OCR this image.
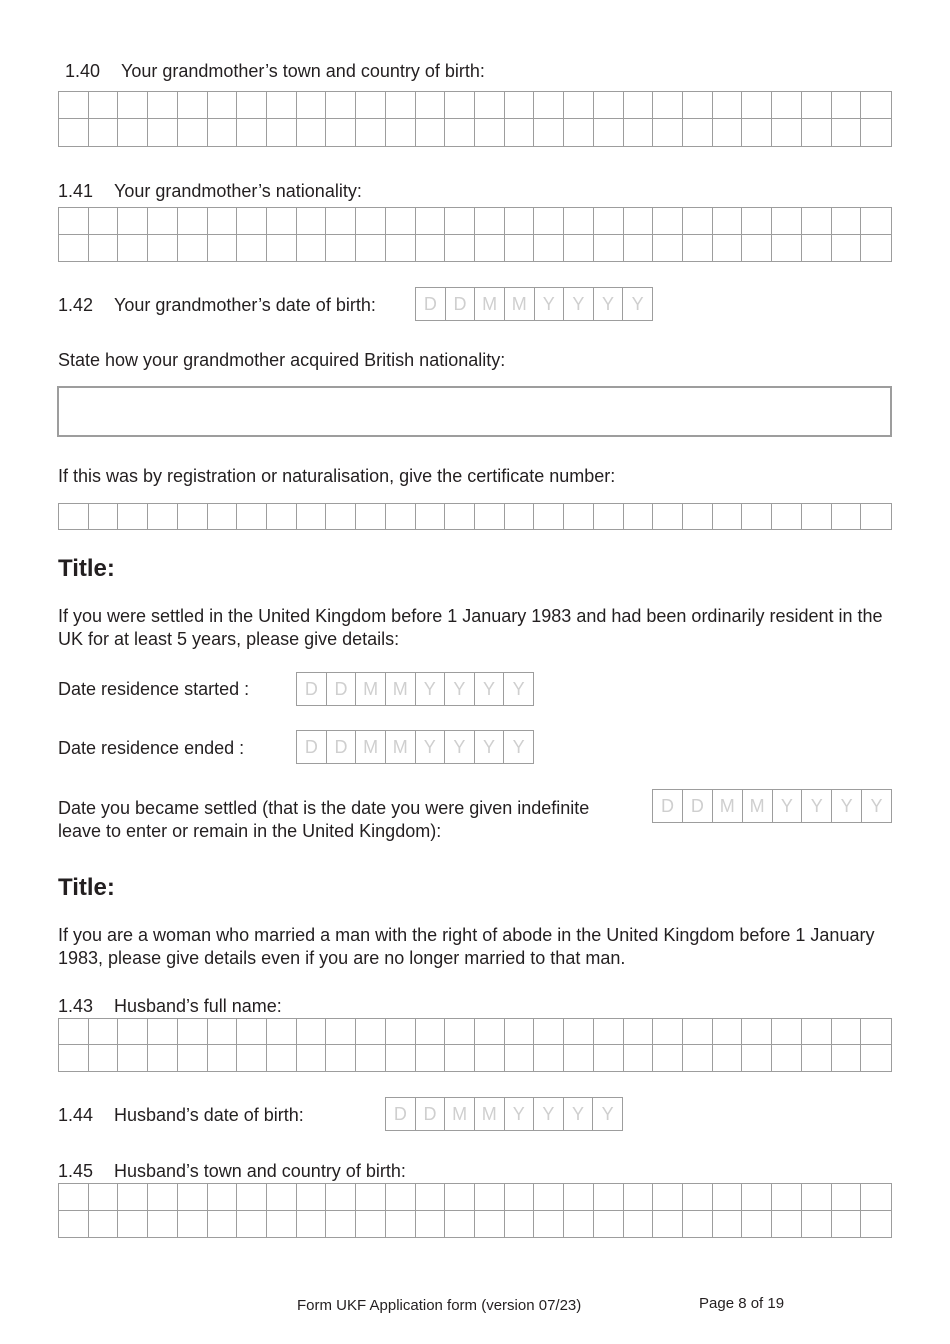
1.40 Your grandmother’s town and country of birth:
1.41 Your grandmother’s nationality:
1.42 Your grandmother’s date of birth:	D D M M Y Y Y Y
State how your grandmother acquired British nationality:
If this was by registration or naturalisation, give the certificate number:
Title:
If you were settled in the United Kingdom before 1 January 1983 and had been ordinarily resident in the UK for at least 5 years, please give details:
Date residence started :	D D M M Y Y Y Y
Date residence ended :	D D M M Y Y Y Y
Date you became settled (that is the date you were given indefinite
leave to enter or remain in the United Kingdom):
D D M M Y Y Y Y
Title:
If you are a woman who married a man with the right of abode in the United Kingdom before 1 January 1983, please give details even if you are no longer married to that man.
1.43 Husband’s full name:
1.44 Husband’s date of birth:	D D M M Y Y Y Y
1.45 Husband’s town and country of birth:
Form UKF Application form (version 07/23)	Page 8 of 19
